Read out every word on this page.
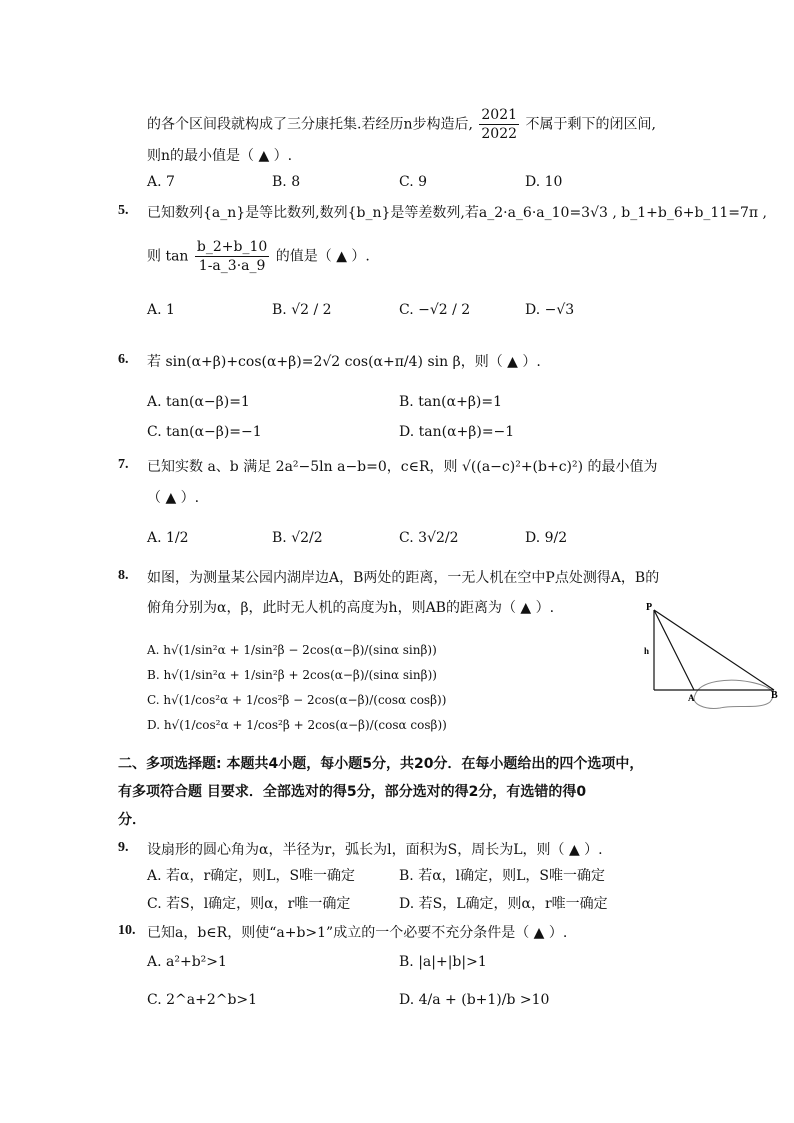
的各个区间段就构成了三分康托集.若经历n步构造后, $\frac{2021}{2022}$ 不属于剩下的闭区间,
则n的最小值是（ ▲ ）.
A. 7	B. 8	C. 9	D. 10
5. 已知数列{a_n}是等比数列,数列{b_n}是等差数列,若a_2·a_6·a_10=3√3 , b_1+b_6+b_11=7π ,
则 $\tan \frac{b\_2+b\_10}{1-a\_3\cdot a\_9}$ 的值是（ ▲ ）.
A. 1	B. √2 / 2	C. −√2 / 2	D. −√3
6. 若 sin(α+β)+cos(α+β)=2√2 cos(α+π/4) sin β，则（ ▲ ）.
A. tan(α−β)=1	B. tan(α+β)=1
C. tan(α−β)=−1	D. tan(α+β)=−1
7. 已知实数 a、b 满足 2a²−5ln a−b=0，c∈R，则 √((a−c)²+(b+c)²) 的最小值为
（ ▲ ）.
A. 1/2	B. √2/2	C. 3√2/2	D. 9/2
8. 如图，为测量某公园内湖岸边A，B两处的距离，一无人机在空中P点处测得A，B的
俯角分别为α，β，此时无人机的高度为h，则AB的距离为（ ▲ ）.
A. h√(1/sin²α + 1/sin²β − 2cos(α−β)/(sinα sinβ))
B. h√(1/sin²α + 1/sin²β + 2cos(α−β)/(sinα sinβ))
C. h√(1/cos²α + 1/cos²β − 2cos(α−β)/(cosα cosβ))
D. h√(1/cos²α + 1/cos²β + 2cos(α−β)/(cosα cosβ))
P
h
A	B
二、多项选择题: 本题共4小题，每小题5分，共20分．在每小题给出的四个选项中，
有多项符合题 目要求．全部选对的得5分，部分选对的得2分，有选错的得0
分．
9. 设扇形的圆心角为α，半径为r，弧长为l，面积为S，周长为L，则（ ▲ ）.
A. 若α，r确定，则L，S唯一确定	B. 若α，l确定，则L，S唯一确定
C. 若S，l确定，则α，r唯一确定	D. 若S，L确定，则α，r唯一确定
10. 已知a，b∈R，则使“a+b>1”成立的一个必要不充分条件是（ ▲ ）.
A. a²+b²>1	B. |a|+|b|>1
C. 2^a+2^b>1	D. 4/a + (b+1)/b >10
